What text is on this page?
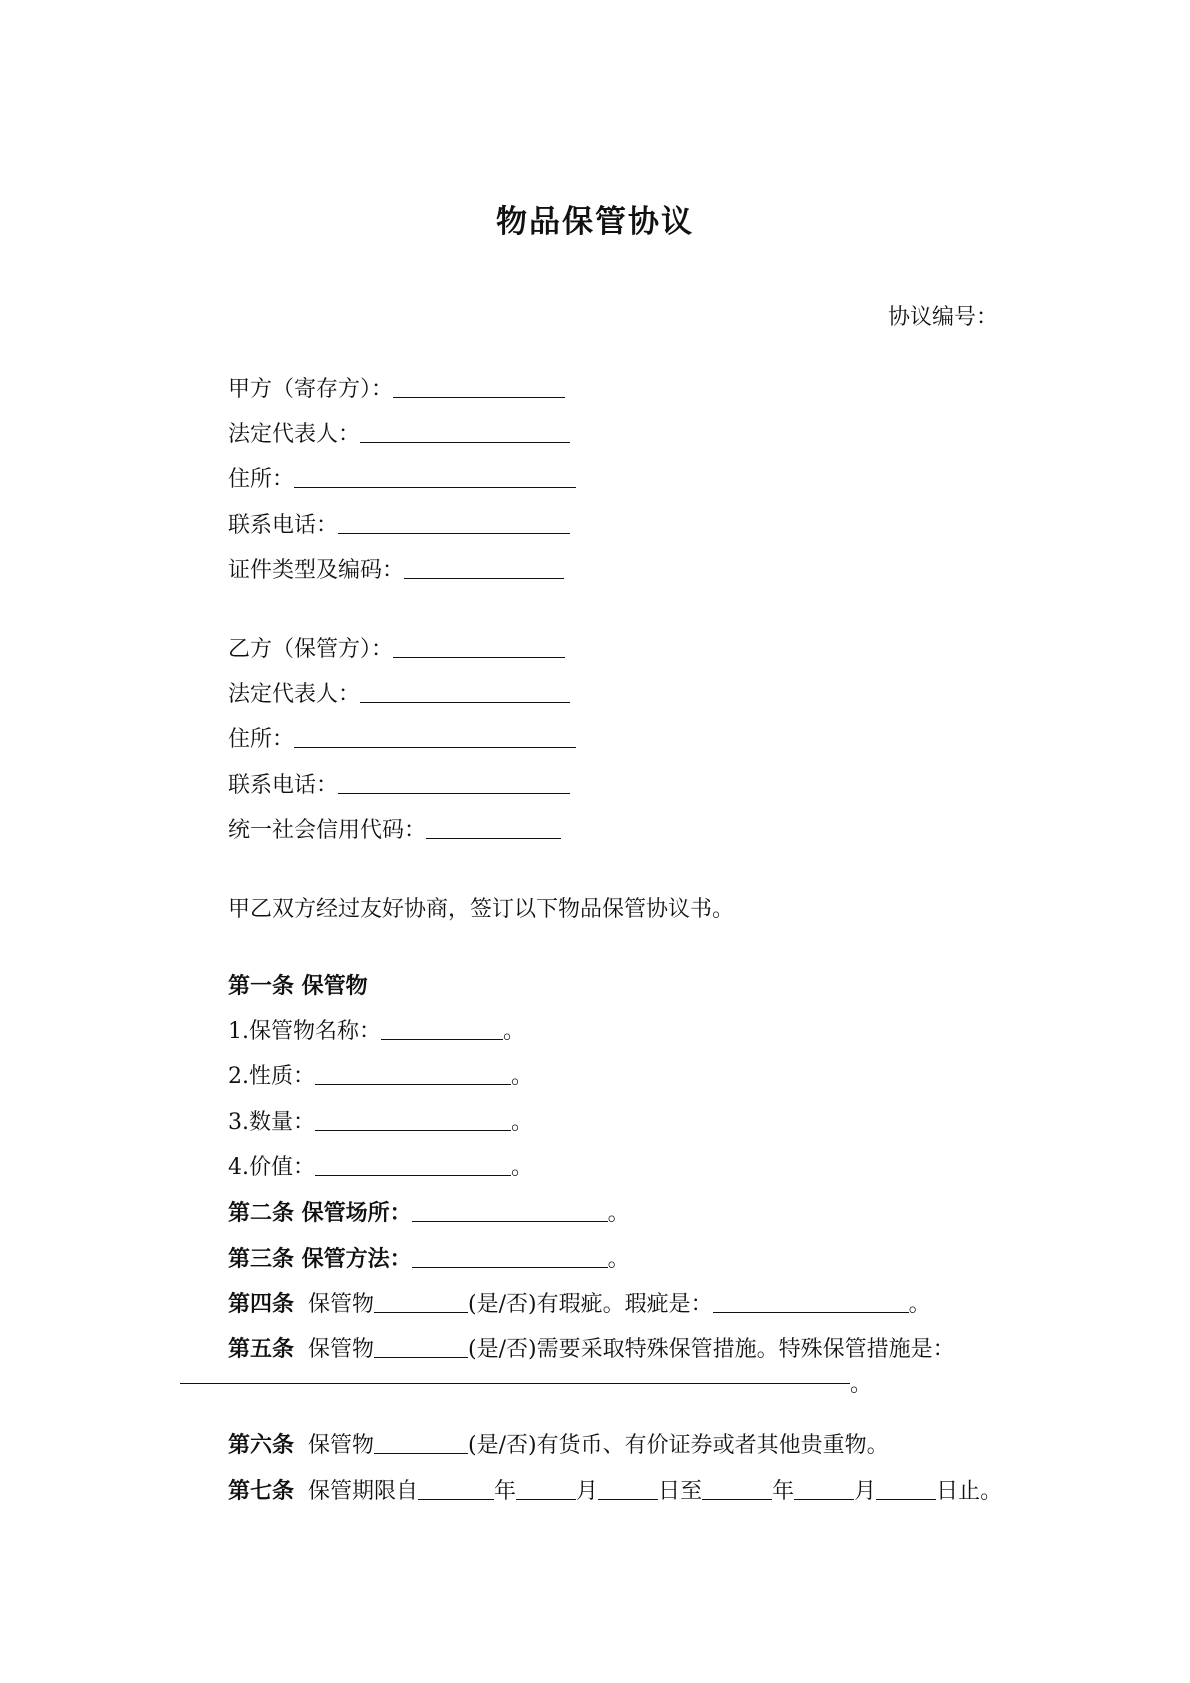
物品保管协议
协议编号：
甲方（寄存方）：
法定代表人：
住所：
联系电话：
证件类型及编码：
乙方（保管方）：
法定代表人：
住所：
联系电话：
统一社会信用代码：
甲乙双方经过友好协商，签订以下物品保管协议书。
第一条 保管物
1.保管物名称：	。
2.性质：	。
3.数量：	。
4.价值：	。
第二条 保管场所：	。
第三条 保管方法：	。
第四条 保管物	(是/否)有瑕疵。瑕疵是：	。
第五条 保管物	(是/否)需要采取特殊保管措施。特殊保管措施是：
。
第六条 保管物	(是/否)有货币、有价证券或者其他贵重物。
第七条 保管期限自	年	月	日至	年	月	日止。
